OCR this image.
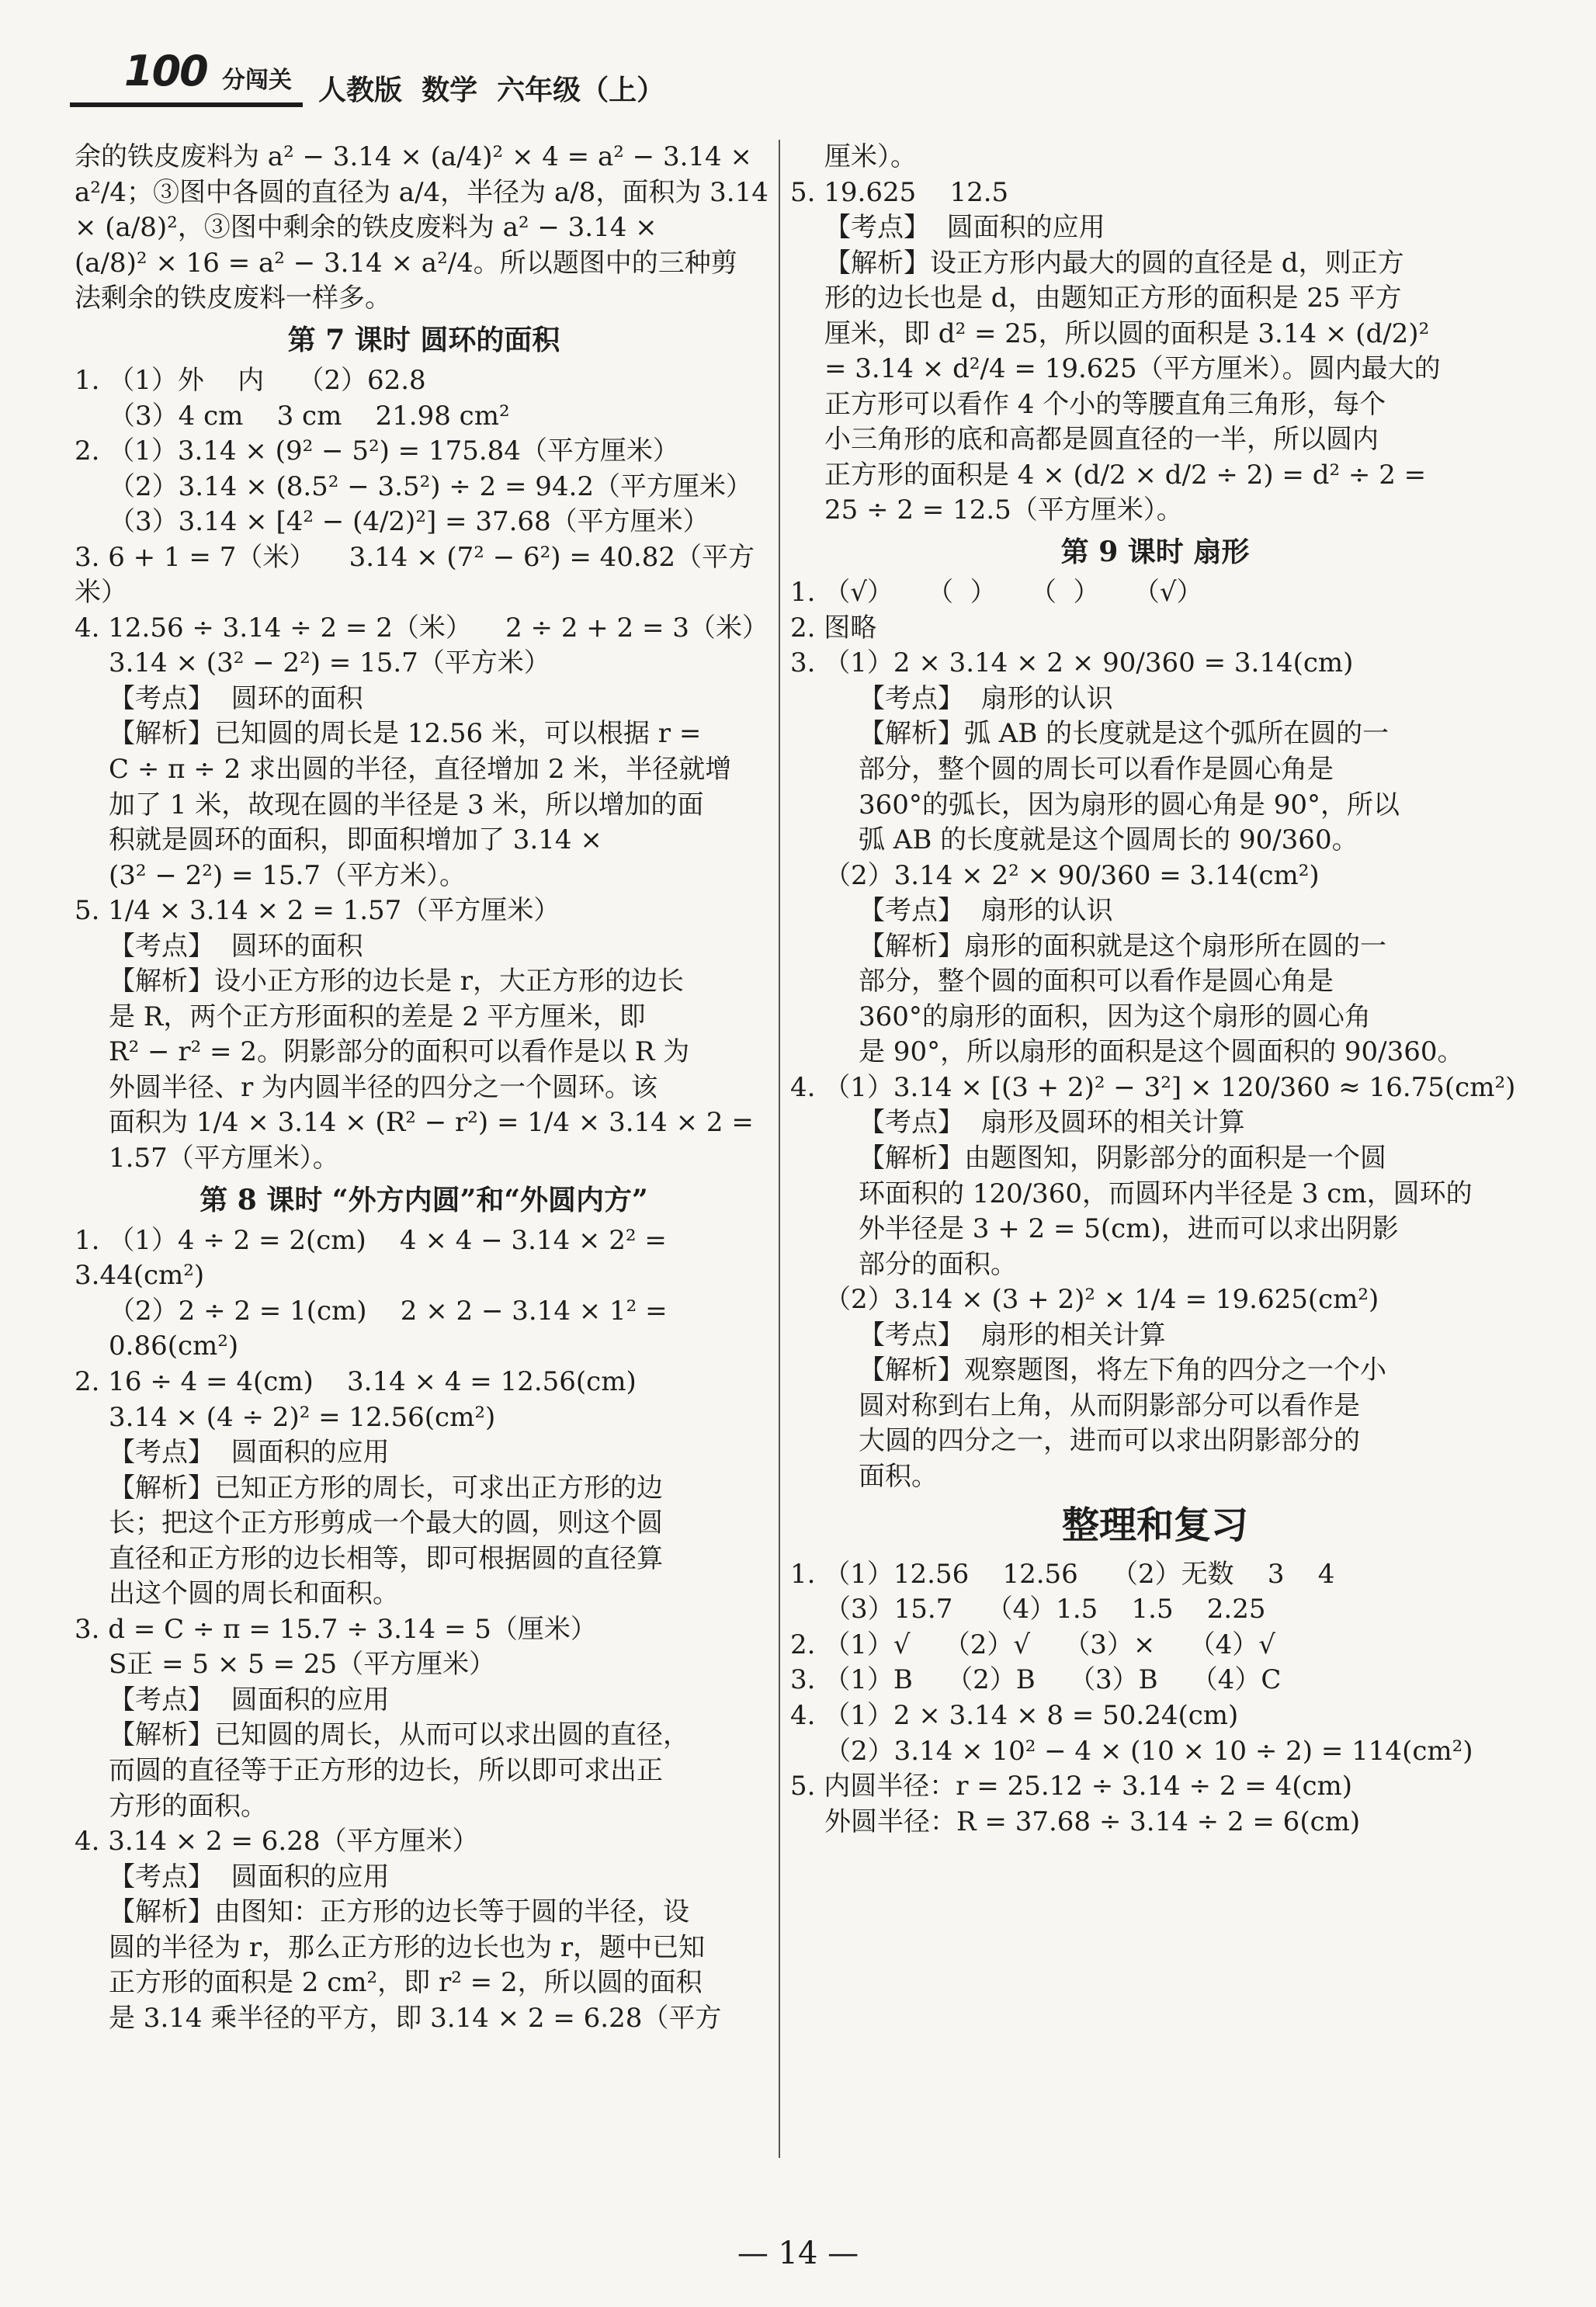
100 分闯关 人教版  数学  六年级（上）
余的铁皮废料为 a² − 3.14 × (a/4)² × 4 = a² − 3.14 ×
a²/4；③图中各圆的直径为 a/4，半径为 a/8，面积为 3.14
× (a/8)²，③图中剩余的铁皮废料为 a² − 3.14 ×
(a/8)² × 16 = a² − 3.14 × a²/4。所以题图中的三种剪
法剩余的铁皮废料一样多。
第 7 课时 圆环的面积
1. （1）外    内    （2）62.8
（3）4 cm    3 cm    21.98 cm²
2. （1）3.14 × (9² − 5²) = 175.84（平方厘米）
（2）3.14 × (8.5² − 3.5²) ÷ 2 = 94.2（平方厘米）
（3）3.14 × [4² − (4/2)²] = 37.68（平方厘米）
3. 6 + 1 = 7（米）    3.14 × (7² − 6²) = 40.82（平方米）
4. 12.56 ÷ 3.14 ÷ 2 = 2（米）    2 ÷ 2 + 2 = 3（米）
3.14 × (3² − 2²) = 15.7（平方米）
【考点】  圆环的面积
【解析】已知圆的周长是 12.56 米，可以根据 r =
C ÷ π ÷ 2 求出圆的半径，直径增加 2 米，半径就增
加了 1 米，故现在圆的半径是 3 米，所以增加的面
积就是圆环的面积，即面积增加了 3.14 ×
(3² − 2²) = 15.7（平方米）。
5. 1/4 × 3.14 × 2 = 1.57（平方厘米）
【考点】  圆环的面积
【解析】设小正方形的边长是 r，大正方形的边长
是 R，两个正方形面积的差是 2 平方厘米，即
R² − r² = 2。阴影部分的面积可以看作是以 R 为
外圆半径、r 为内圆半径的四分之一个圆环。该
面积为 1/4 × 3.14 × (R² − r²) = 1/4 × 3.14 × 2 =
1.57（平方厘米）。
第 8 课时 “外方内圆”和“外圆内方”
1. （1）4 ÷ 2 = 2(cm)    4 × 4 − 3.14 × 2² = 3.44(cm²)
（2）2 ÷ 2 = 1(cm)    2 × 2 − 3.14 × 1² = 0.86(cm²)
2. 16 ÷ 4 = 4(cm)    3.14 × 4 = 12.56(cm)
3.14 × (4 ÷ 2)² = 12.56(cm²)
【考点】  圆面积的应用
【解析】已知正方形的周长，可求出正方形的边
长；把这个正方形剪成一个最大的圆，则这个圆
直径和正方形的边长相等，即可根据圆的直径算
出这个圆的周长和面积。
3. d = C ÷ π = 15.7 ÷ 3.14 = 5（厘米）
S正 = 5 × 5 = 25（平方厘米）
【考点】  圆面积的应用
【解析】已知圆的周长，从而可以求出圆的直径，
而圆的直径等于正方形的边长，所以即可求出正
方形的面积。
4. 3.14 × 2 = 6.28（平方厘米）
【考点】  圆面积的应用
【解析】由图知：正方形的边长等于圆的半径，设
圆的半径为 r，那么正方形的边长也为 r，题中已知
正方形的面积是 2 cm²，即 r² = 2，所以圆的面积
是 3.14 乘半径的平方，即 3.14 × 2 = 6.28（平方
厘米）。
5. 19.625    12.5
【考点】  圆面积的应用
【解析】设正方形内最大的圆的直径是 d，则正方
形的边长也是 d，由题知正方形的面积是 25 平方
厘米，即 d² = 25，所以圆的面积是 3.14 × (d/2)²
= 3.14 × d²/4 = 19.625（平方厘米）。圆内最大的
正方形可以看作 4 个小的等腰直角三角形，每个
小三角形的底和高都是圆直径的一半，所以圆内
正方形的面积是 4 × (d/2 × d/2 ÷ 2) = d² ÷ 2 =
25 ÷ 2 = 12.5（平方厘米）。
第 9 课时 扇形
1. （√）    （  ）    （  ）    （√）
2. 图略
3. （1）2 × 3.14 × 2 × 90/360 = 3.14(cm)
【考点】  扇形的认识
【解析】弧 AB 的长度就是这个弧所在圆的一
部分，整个圆的周长可以看作是圆心角是
360°的弧长，因为扇形的圆心角是 90°，所以
弧 AB 的长度就是这个圆周长的 90/360。
（2）3.14 × 2² × 90/360 = 3.14(cm²)
【考点】  扇形的认识
【解析】扇形的面积就是这个扇形所在圆的一
部分，整个圆的面积可以看作是圆心角是
360°的扇形的面积，因为这个扇形的圆心角
是 90°，所以扇形的面积是这个圆面积的 90/360。
4. （1）3.14 × [(3 + 2)² − 3²] × 120/360 ≈ 16.75(cm²)
【考点】  扇形及圆环的相关计算
【解析】由题图知，阴影部分的面积是一个圆
环面积的 120/360，而圆环内半径是 3 cm，圆环的
外半径是 3 + 2 = 5(cm)，进而可以求出阴影
部分的面积。
（2）3.14 × (3 + 2)² × 1/4 = 19.625(cm²)
【考点】  扇形的相关计算
【解析】观察题图，将左下角的四分之一个小
圆对称到右上角，从而阴影部分可以看作是
大圆的四分之一，进而可以求出阴影部分的
面积。
整理和复习
1. （1）12.56    12.56    （2）无数    3    4
（3）15.7    （4）1.5    1.5    2.25
2. （1）√    （2）√    （3）×    （4）√
3. （1）B    （2）B    （3）B    （4）C
4. （1）2 × 3.14 × 8 = 50.24(cm)
（2）3.14 × 10² − 4 × (10 × 10 ÷ 2) = 114(cm²)
5. 内圆半径：r = 25.12 ÷ 3.14 ÷ 2 = 4(cm)
外圆半径：R = 37.68 ÷ 3.14 ÷ 2 = 6(cm)
— 14 —
